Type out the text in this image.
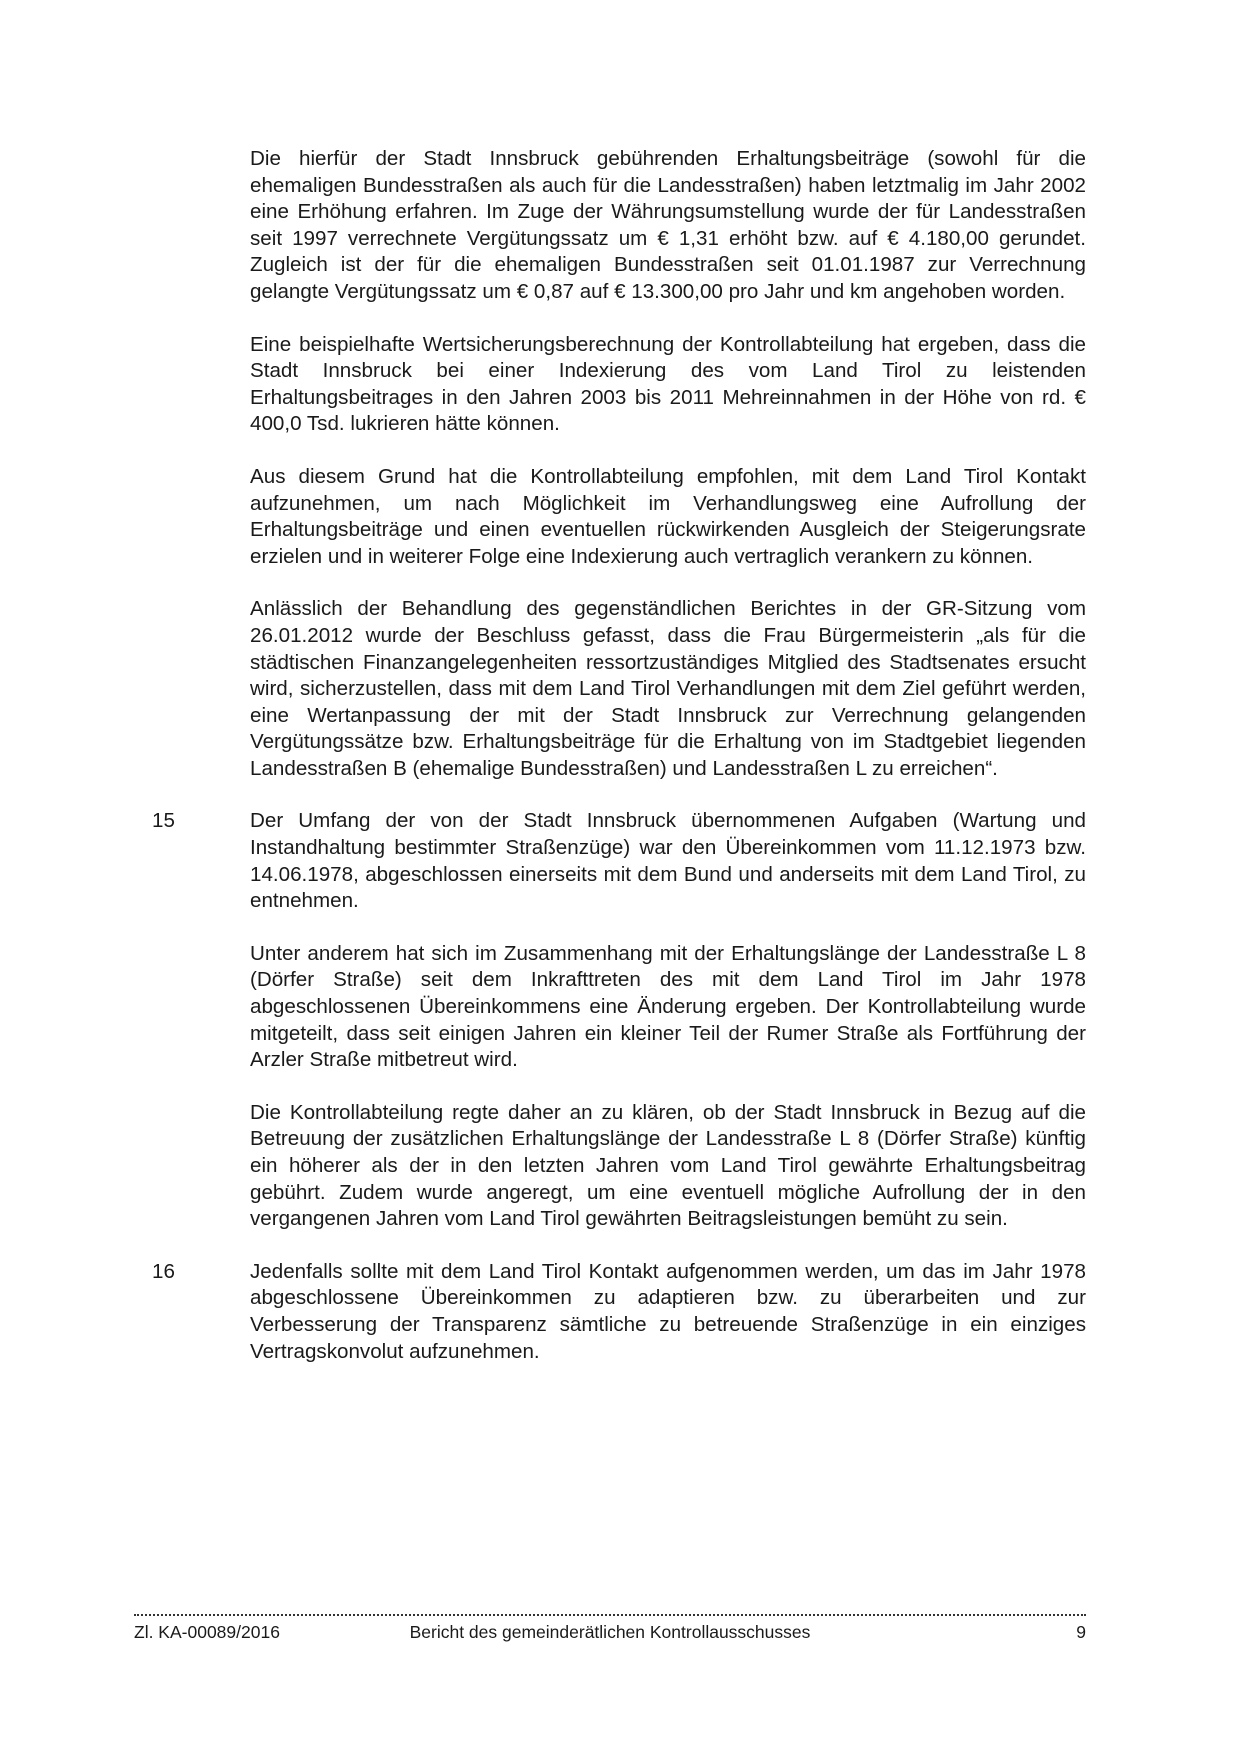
Die hierfür der Stadt Innsbruck gebührenden Erhaltungsbeiträge (sowohl für die ehemaligen Bundesstraßen als auch für die Landesstraßen) haben letztmalig im Jahr 2002 eine Erhöhung erfahren. Im Zuge der Währungsumstellung wurde der für Landesstraßen seit 1997 verrechnete Vergütungssatz um € 1,31 erhöht bzw. auf € 4.180,00 gerundet. Zugleich ist der für die ehemaligen Bundesstraßen seit 01.01.1987 zur Verrechnung gelangte Vergütungssatz um € 0,87 auf € 13.300,00 pro Jahr und km angehoben worden.

Eine beispielhafte Wertsicherungsberechnung der Kontrollabteilung hat ergeben, dass die Stadt Innsbruck bei einer Indexierung des vom Land Tirol zu leistenden Erhaltungsbeitrages in den Jahren 2003 bis 2011 Mehreinnahmen in der Höhe von rd. € 400,0 Tsd. lukrieren hätte können.

Aus diesem Grund hat die Kontrollabteilung empfohlen, mit dem Land Tirol Kontakt aufzunehmen, um nach Möglichkeit im Verhandlungsweg eine Aufrollung der Erhaltungsbeiträge und einen eventuellen rückwirkenden Ausgleich der Steigerungsrate erzielen und in weiterer Folge eine Indexierung auch vertraglich verankern zu können.

Anlässlich der Behandlung des gegenständlichen Berichtes in der GR-Sitzung vom 26.01.2012 wurde der Beschluss gefasst, dass die Frau Bürgermeisterin „als für die städtischen Finanzangelegenheiten ressortzuständiges Mitglied des Stadtsenates ersucht wird, sicherzustellen, dass mit dem Land Tirol Verhandlungen mit dem Ziel geführt werden, eine Wertanpassung der mit der Stadt Innsbruck zur Verrechnung gelangenden Vergütungssätze bzw. Erhaltungsbeiträge für die Erhaltung von im Stadtgebiet liegenden Landesstraßen B (ehemalige Bundesstraßen) und Landesstraßen L zu erreichen“.

15	Der Umfang der von der Stadt Innsbruck übernommenen Aufgaben (Wartung und Instandhaltung bestimmter Straßenzüge) war den Übereinkommen vom 11.12.1973 bzw. 14.06.1978, abgeschlossen einerseits mit dem Bund und anderseits mit dem Land Tirol, zu entnehmen.

Unter anderem hat sich im Zusammenhang mit der Erhaltungslänge der Landesstraße L 8 (Dörfer Straße) seit dem Inkrafttreten des mit dem Land Tirol im Jahr 1978 abgeschlossenen Übereinkommens eine Änderung ergeben. Der Kontrollabteilung wurde mitgeteilt, dass seit einigen Jahren ein kleiner Teil der Rumer Straße als Fortführung der Arzler Straße mitbetreut wird.

Die Kontrollabteilung regte daher an zu klären, ob der Stadt Innsbruck in Bezug auf die Betreuung der zusätzlichen Erhaltungslänge der Landesstraße L 8 (Dörfer Straße) künftig ein höherer als der in den letzten Jahren vom Land Tirol gewährte Erhaltungsbeitrag gebührt. Zudem wurde angeregt, um eine eventuell mögliche Aufrollung der in den vergangenen Jahren vom Land Tirol gewährten Beitragsleistungen bemüht zu sein.

16	Jedenfalls sollte mit dem Land Tirol Kontakt aufgenommen werden, um das im Jahr 1978 abgeschlossene Übereinkommen zu adaptieren bzw. zu überarbeiten und zur Verbesserung der Transparenz sämtliche zu betreuende Straßenzüge in ein einziges Vertragskonvolut aufzunehmen.

Zl. KA-00089/2016	Bericht des gemeinderätlichen Kontrollausschusses	9
